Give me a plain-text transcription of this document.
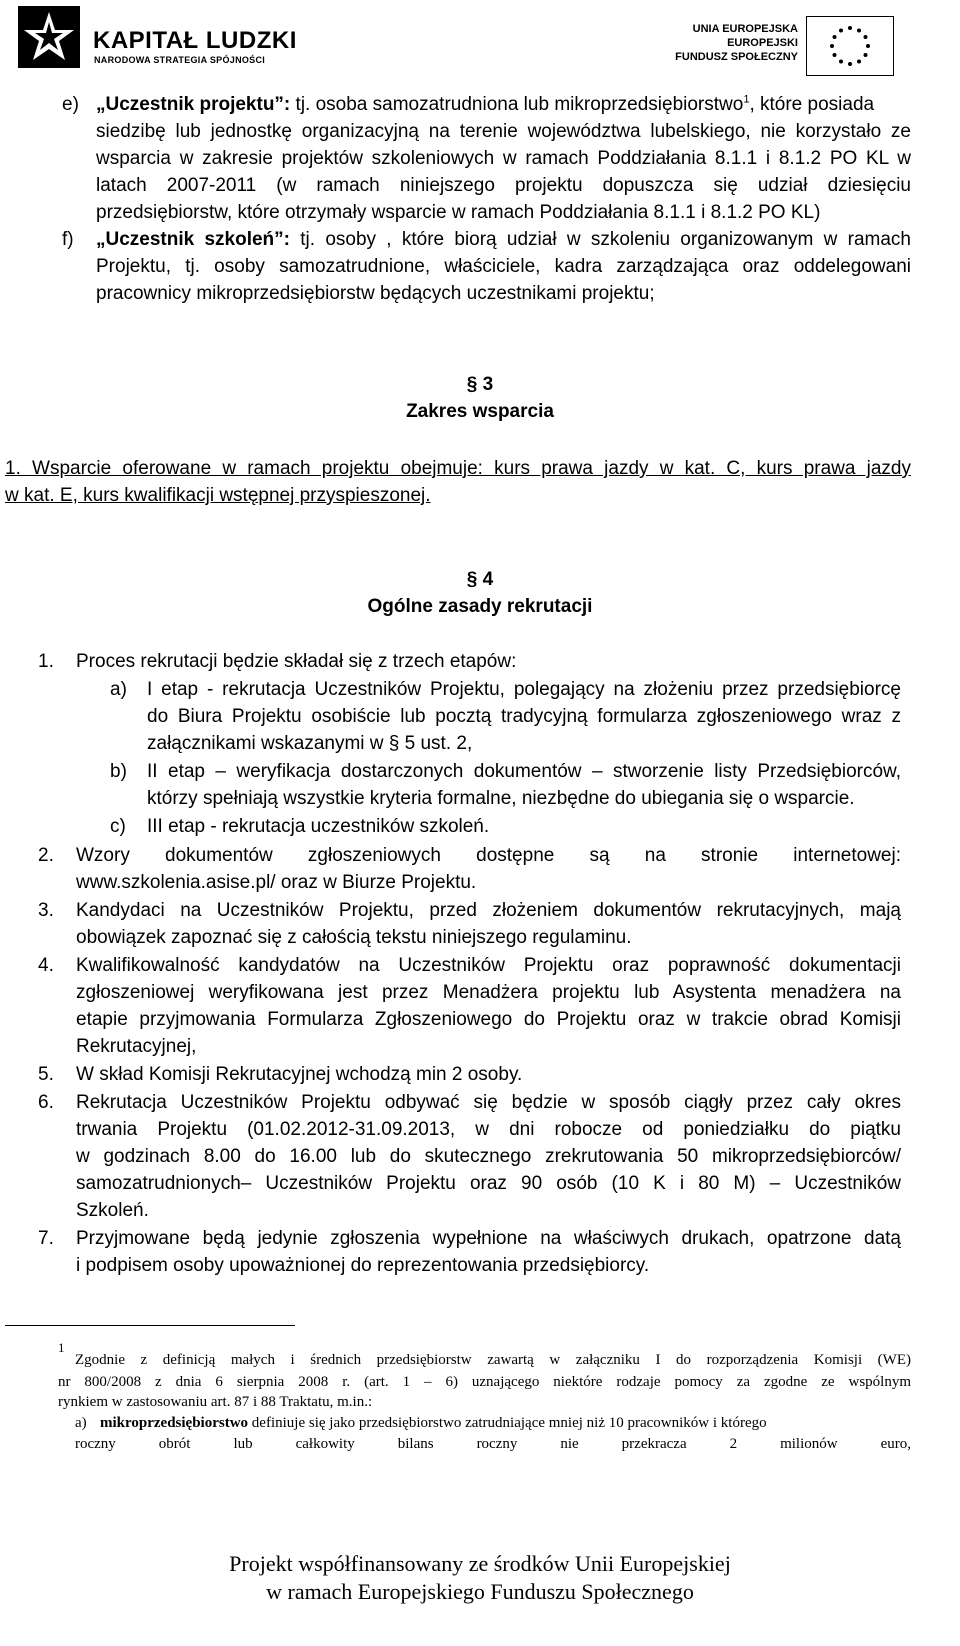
KAPITAŁ LUDZKI
NARODOWA STRATEGIA SPÓJNOŚCI
UNIA EUROPEJSKA
EUROPEJSKI
FUNDUSZ SPOŁECZNY
e) „Uczestnik projektu”: tj. osoba samozatrudniona lub mikroprzedsiębiorstwo$^1$, które posiada
siedzibę lub jednostkę organizacyjną na terenie województwa lubelskiego, nie korzystało ze
wsparcia w zakresie projektów szkoleniowych w ramach Poddziałania 8.1.1 i 8.1.2 PO KL w
latach 2007-2011 (w ramach niniejszego projektu dopuszcza się udział dziesięciu
przedsiębiorstw, które otrzymały wsparcie w ramach Poddziałania 8.1.1 i 8.1.2 PO KL)
f) „Uczestnik szkoleń”: tj. osoby , które biorą udział w szkoleniu organizowanym w ramach
Projektu, tj. osoby samozatrudnione, właściciele, kadra zarządzająca oraz oddelegowani
pracownicy mikroprzedsiębiorstw będących uczestnikami projektu;
§ 3
Zakres wsparcia
1. Wsparcie oferowane w ramach projektu obejmuje: kurs prawa jazdy w kat. C, kurs prawa jazdy
w kat. E, kurs kwalifikacji wstępnej przyspieszonej.
§ 4
Ogólne zasady rekrutacji
1. Proces rekrutacji będzie składał się z trzech etapów:
a) I etap - rekrutacja Uczestników Projektu, polegający na złożeniu przez przedsiębiorcę
do Biura Projektu osobiście lub pocztą tradycyjną formularza zgłoszeniowego wraz z
załącznikami wskazanymi w § 5 ust. 2,
b) II etap – weryfikacja dostarczonych dokumentów – stworzenie listy Przedsiębiorców,
którzy spełniają wszystkie kryteria formalne, niezbędne do ubiegania się o wsparcie.
c) III etap - rekrutacja uczestników szkoleń.
2. Wzory dokumentów zgłoszeniowych dostępne są na stronie internetowej:
www.szkolenia.asise.pl/ oraz w Biurze Projektu.
3. Kandydaci na Uczestników Projektu, przed złożeniem dokumentów rekrutacyjnych, mają
obowiązek zapoznać się z całością tekstu niniejszego regulaminu.
4. Kwalifikowalność kandydatów na Uczestników Projektu oraz poprawność dokumentacji
zgłoszeniowej weryfikowana jest przez Menadżera projektu lub Asystenta menadżera na
etapie przyjmowania Formularza Zgłoszeniowego do Projektu oraz w trakcie obrad Komisji
Rekrutacyjnej,
5. W skład Komisji Rekrutacyjnej wchodzą min 2 osoby.
6. Rekrutacja Uczestników Projektu odbywać się będzie w sposób ciągły przez cały okres
trwania Projektu (01.02.2012-31.09.2013, w dni robocze od poniedziałku do piątku
w godzinach 8.00 do 16.00 lub do skutecznego zrekrutowania 50 mikroprzedsiębiorców/
samozatrudnionych– Uczestników Projektu oraz 90 osób (10 K i 80 M) – Uczestników
Szkoleń.
7. Przyjmowane będą jedynie zgłoszenia wypełnione na właściwych drukach, opatrzone datą
i podpisem osoby upoważnionej do reprezentowania przedsiębiorcy.
1
Zgodnie z definicją małych i średnich przedsiębiorstw zawartą w załączniku I do rozporządzenia Komisji (WE)
nr 800/2008 z dnia 6 sierpnia 2008 r. (art. 1 – 6) uznającego niektóre rodzaje pomocy za zgodne ze wspólnym
rynkiem w zastosowaniu art. 87 i 88 Traktatu, m.in.:
a) mikroprzedsiębiorstwo definiuje się jako przedsiębiorstwo zatrudniające mniej niż 10 pracowników i którego
roczny obrót lub całkowity bilans roczny nie przekracza 2 milionów euro,
Projekt współfinansowany ze środków Unii Europejskiej
w ramach Europejskiego Funduszu Społecznego
